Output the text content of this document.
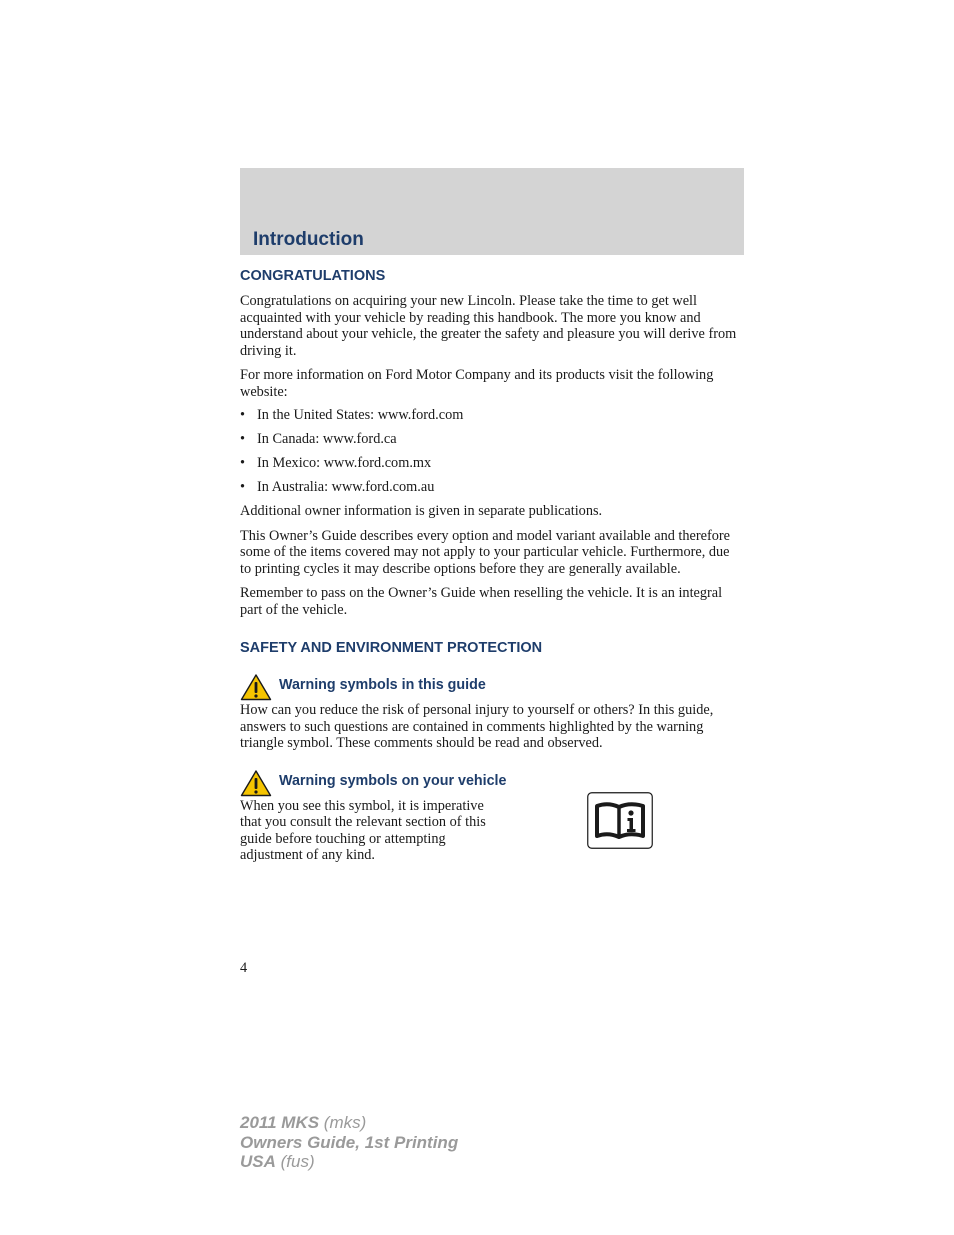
Introduction
CONGRATULATIONS

Congratulations on acquiring your new Lincoln. Please take the time to get well acquainted with your vehicle by reading this handbook. The more you know and understand about your vehicle, the greater the safety and pleasure you will derive from driving it.

For more information on Ford Motor Company and its products visit the following website:

• In the United States: www.ford.com
• In Canada: www.ford.ca
• In Mexico: www.ford.com.mx
• In Australia: www.ford.com.au

Additional owner information is given in separate publications.

This Owner’s Guide describes every option and model variant available and therefore some of the items covered may not apply to your particular vehicle. Furthermore, due to printing cycles it may describe options before they are generally available.

Remember to pass on the Owner’s Guide when reselling the vehicle. It is an integral part of the vehicle.

SAFETY AND ENVIRONMENT PROTECTION
Warning symbols in this guide

How can you reduce the risk of personal injury to yourself or others? In this guide, answers to such questions are contained in comments highlighted by the warning triangle symbol. These comments should be read and observed.

Warning symbols on your vehicle

When you see this symbol, it is imperative that you consult the relevant section of this guide before touching or attempting adjustment of any kind.

4
2011 MKS (mks)
Owners Guide, 1st Printing
USA (fus)
